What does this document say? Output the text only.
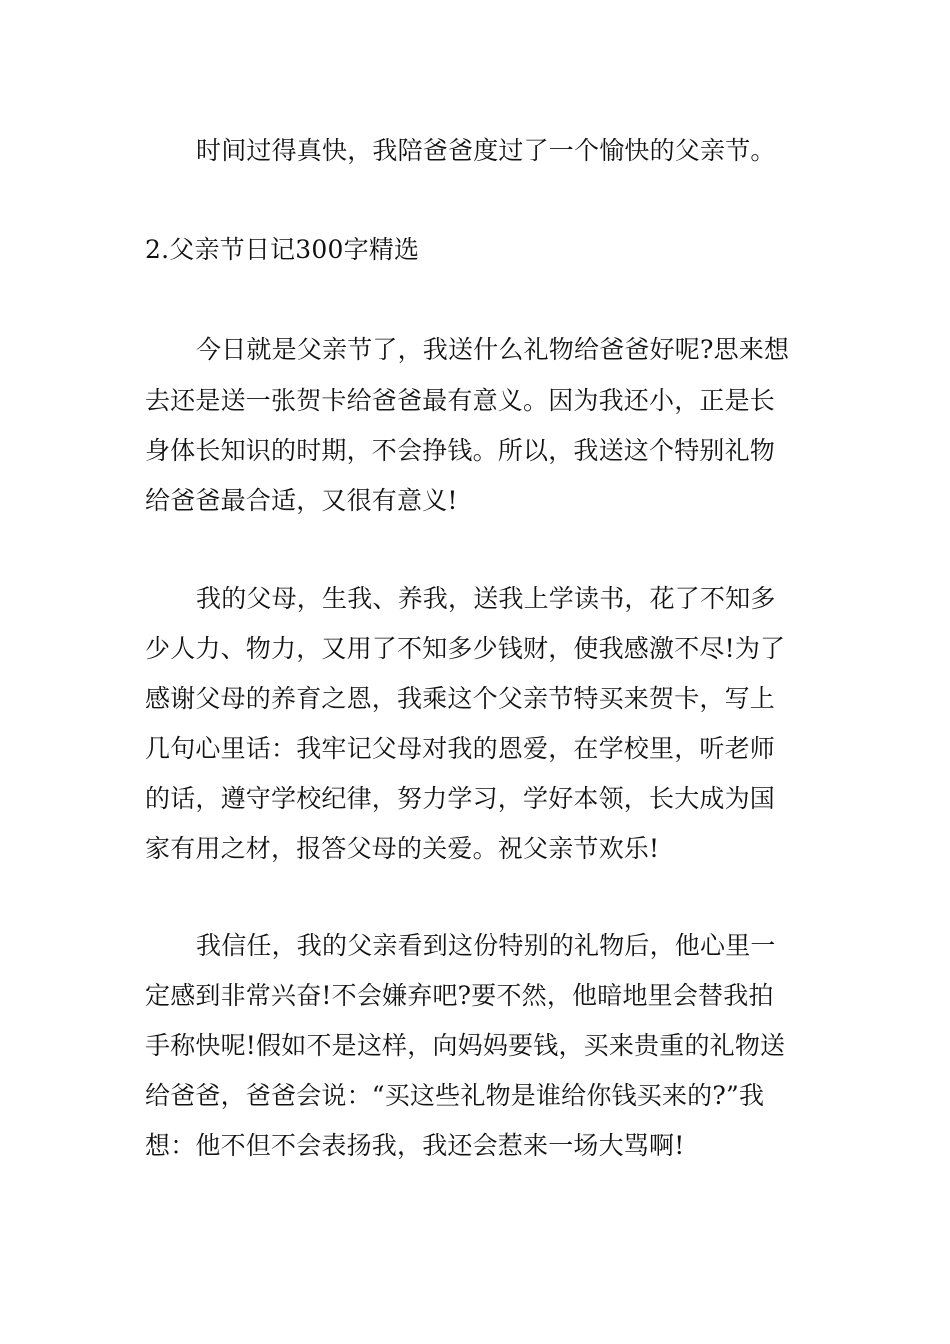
时间过得真快，我陪爸爸度过了一个愉快的父亲节。
2.父亲节日记300字精选
今日就是父亲节了，我送什么礼物给爸爸好呢?思来想
去还是送一张贺卡给爸爸最有意义。因为我还小，正是长
身体长知识的时期，不会挣钱。所以，我送这个特别礼物
给爸爸最合适，又很有意义!
我的父母，生我、养我，送我上学读书，花了不知多
少人力、物力，又用了不知多少钱财，使我感激不尽!为了
感谢父母的养育之恩，我乘这个父亲节特买来贺卡，写上
几句心里话：我牢记父母对我的恩爱，在学校里，听老师
的话，遵守学校纪律，努力学习，学好本领，长大成为国
家有用之材，报答父母的关爱。祝父亲节欢乐!
我信任，我的父亲看到这份特别的礼物后，他心里一
定感到非常兴奋!不会嫌弃吧?要不然，他暗地里会替我拍
手称快呢!假如不是这样，向妈妈要钱，买来贵重的礼物送
给爸爸，爸爸会说：“买这些礼物是谁给你钱买来的?”我
想：他不但不会表扬我，我还会惹来一场大骂啊!
